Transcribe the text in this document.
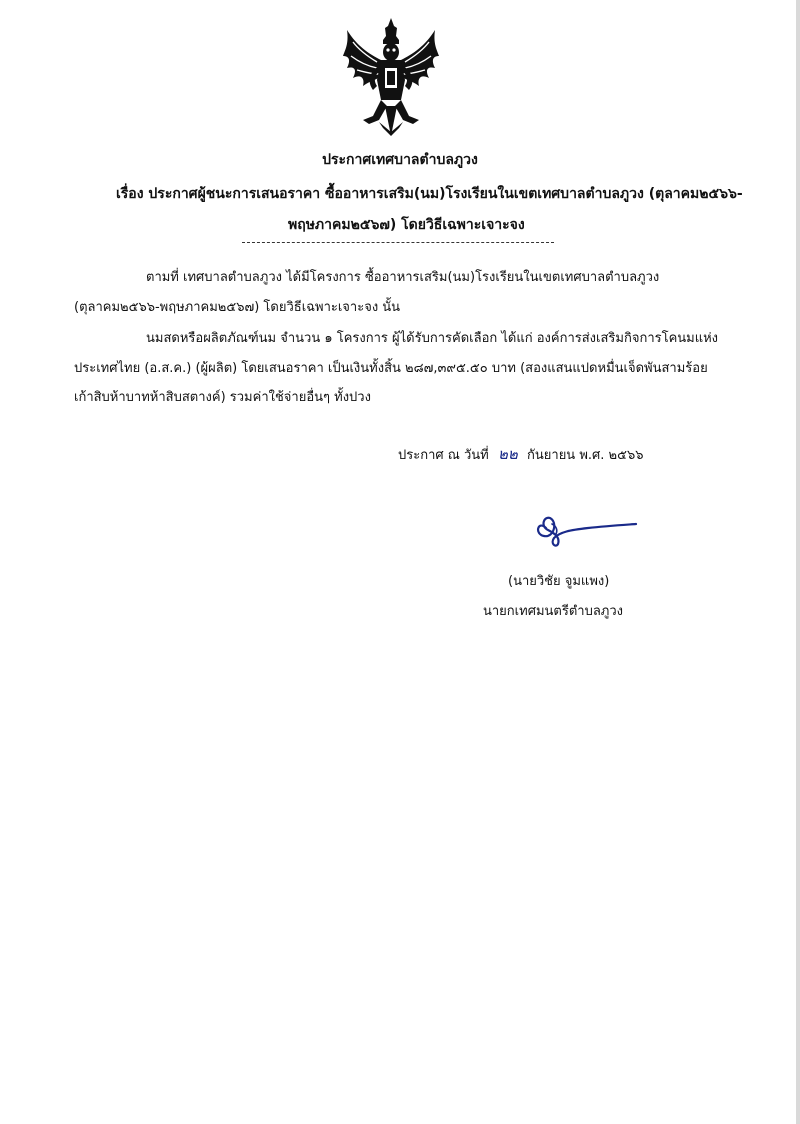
ประกาศเทศบาลตำบลภูวง
เรื่อง ประกาศผู้ชนะการเสนอราคา ซื้ออาหารเสริม(นม)โรงเรียนในเขตเทศบาลตำบลภูวง (ตุลาคม๒๕๖๖-
พฤษภาคม๒๕๖๗) โดยวิธีเฉพาะเจาะจง
ตามที่ เทศบาลตำบลภูวง ได้มีโครงการ ซื้ออาหารเสริม(นม)โรงเรียนในเขตเทศบาลตำบลภูวง
(ตุลาคม๒๕๖๖-พฤษภาคม๒๕๖๗) โดยวิธีเฉพาะเจาะจง นั้น
นมสดหรือผลิตภัณฑ์นม จำนวน ๑ โครงการ ผู้ได้รับการคัดเลือก ได้แก่ องค์การส่งเสริมกิจการโคนมแห่ง
ประเทศไทย (อ.ส.ค.) (ผู้ผลิต) โดยเสนอราคา เป็นเงินทั้งสิ้น ๒๘๗,๓๙๕.๕๐ บาท (สองแสนแปดหมื่นเจ็ดพันสามร้อย
เก้าสิบห้าบาทห้าสิบสตางค์) รวมค่าใช้จ่ายอื่นๆ ทั้งปวง
ประกาศ ณ วันที่ ๒๒ กันยายน พ.ศ. ๒๕๖๖
(นายวิชัย จูมแพง)
นายกเทศมนตรีตำบลภูวง
